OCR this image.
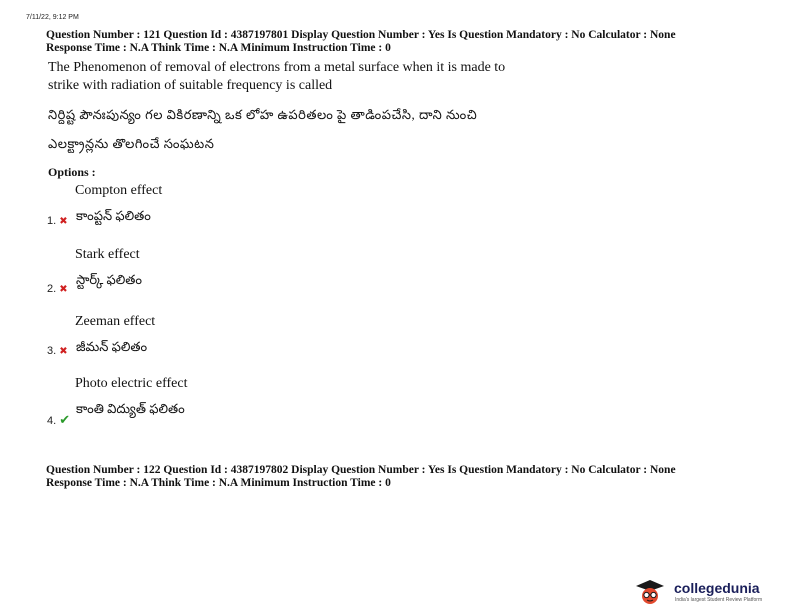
7/11/22, 9:12 PM
Question Number : 121 Question Id : 4387197801 Display Question Number : Yes Is Question Mandatory : No Calculator : None
Response Time : N.A Think Time : N.A Minimum Instruction Time : 0
The Phenomenon of removal of electrons from a metal surface when it is made to
strike with radiation of suitable frequency is called
నిర్దిష్ట పౌనఃపున్యం గల వికిరణాన్ని ఒక లోహ ఉపరితలం పై తాడింపచేసి, దాని నుంచి
ఎలక్ట్రాన్లను తొలగించే సంఘటన
Options :
Compton effect
1. ✖ కాంప్టన్ ఫలితం
Stark effect
2. ✖
స్టార్క్ ఫలితం
Zeeman effect
3. ✖ జీమన్ ఫలితం
Photo electric effect
4. ✔
కాంతి విద్యుత్ ఫలితం
Question Number : 122 Question Id : 4387197802 Display Question Number : Yes Is Question Mandatory : No Calculator : None
Response Time : N.A Think Time : N.A Minimum Instruction Time : 0
collegedunia
India's largest Student Review Platform
